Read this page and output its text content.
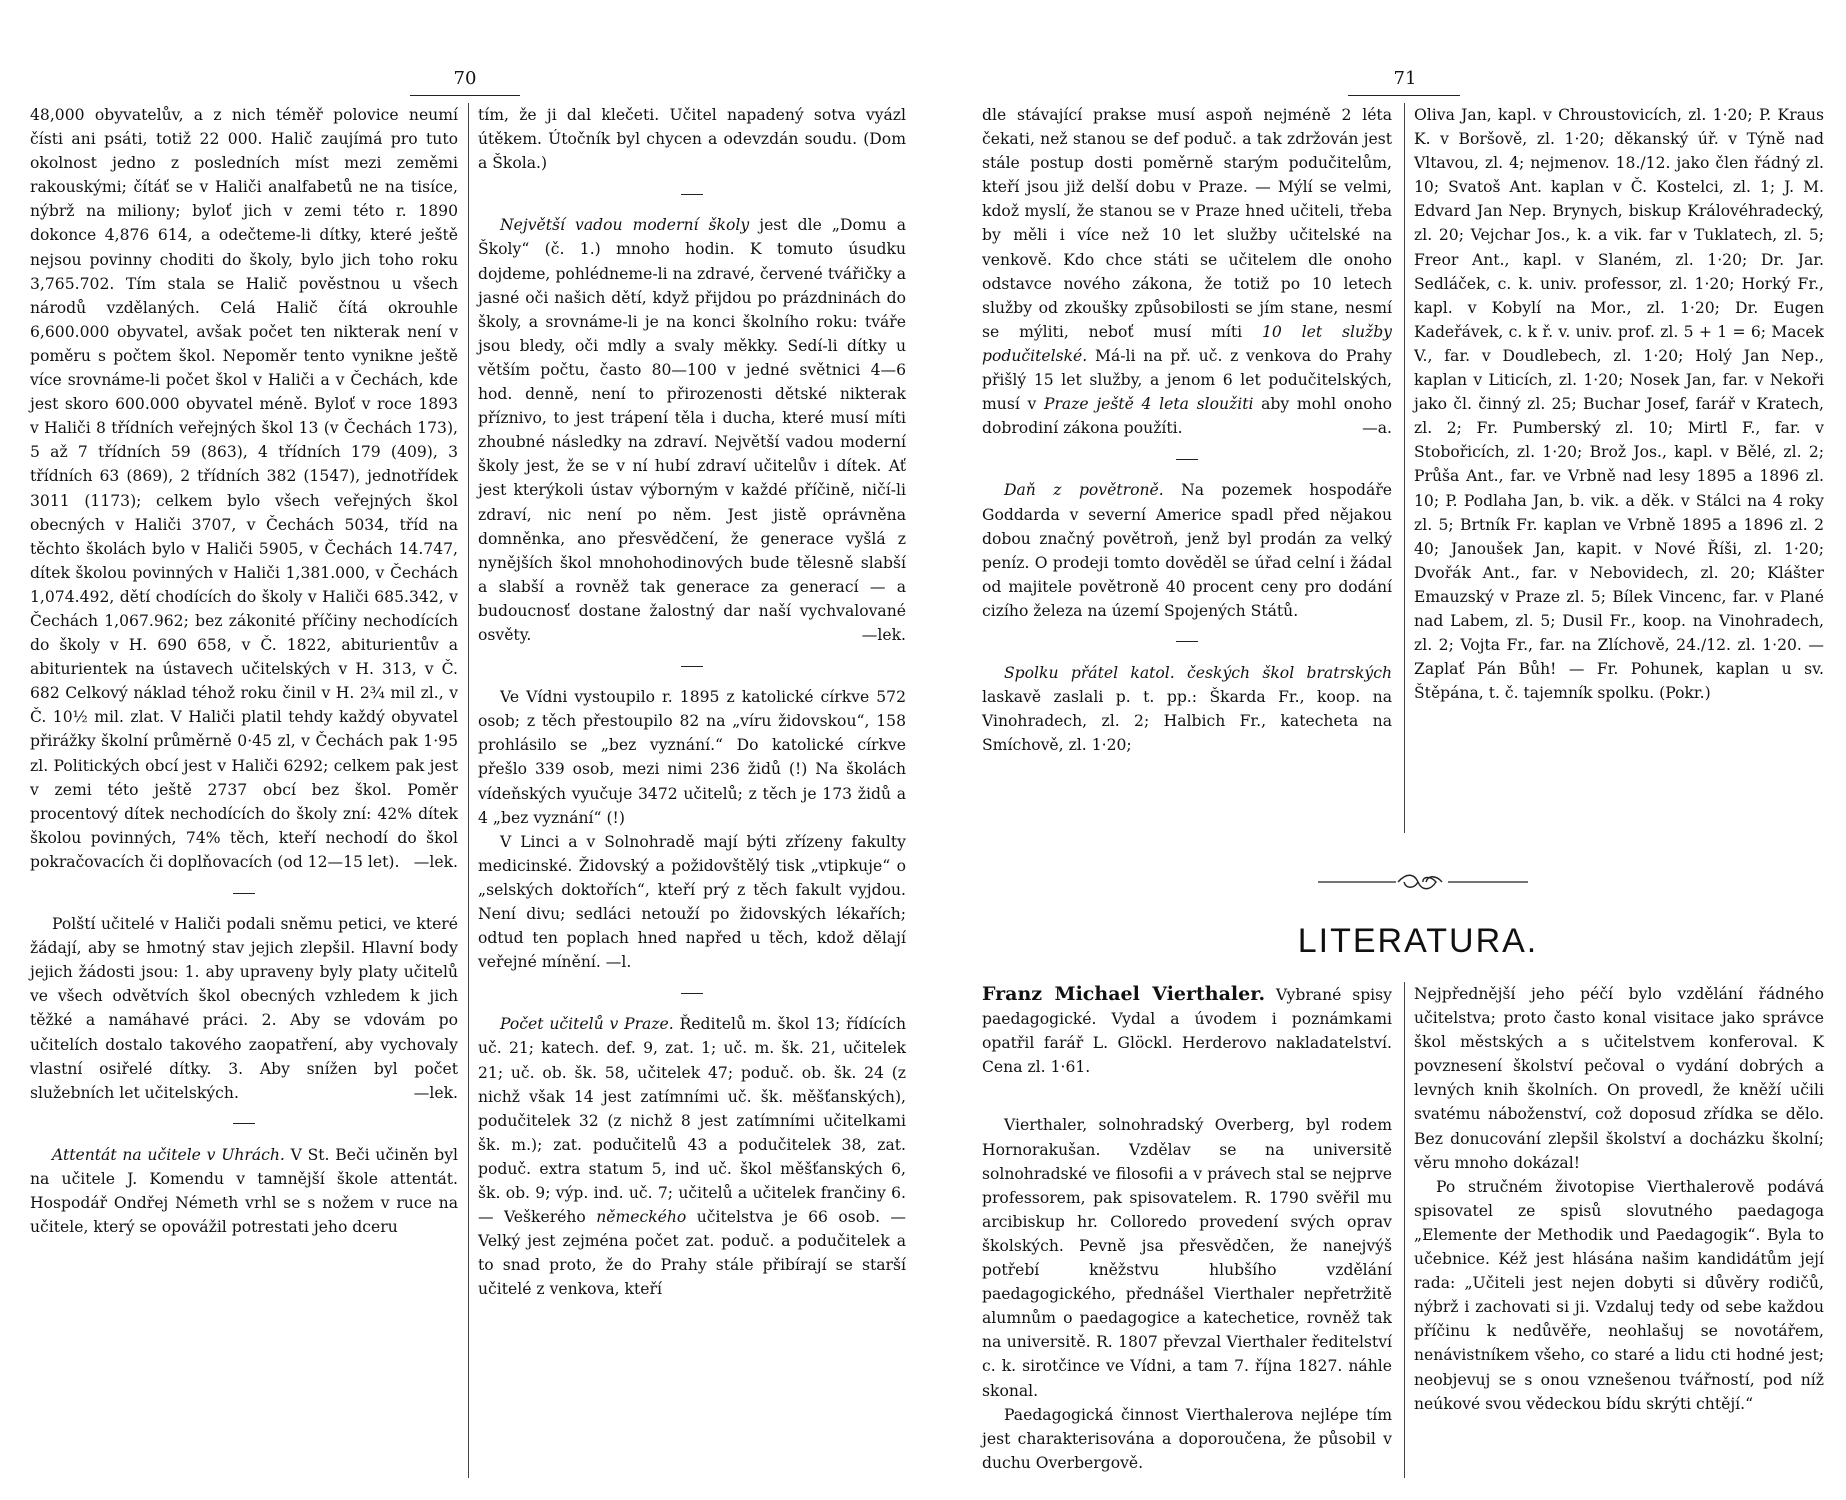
70

48,000 obyvatelův, a z nich téměř polovice neumí čísti ani psáti, totiž 22 000. Halič zaujímá pro tuto okolnost jedno z posledních míst mezi zeměmi rakouskými; čítáť se v Haliči analfabetů ne na tisíce, nýbrž na miliony; byloť jich v zemi této r. 1890 dokonce 4,876 614, a odečteme-li dítky, které ještě nejsou povinny choditi do školy, bylo jich toho roku 3,765.702. Tím stala se Halič pověstnou u všech národů vzdělaných. Celá Halič čítá okrouhle 6,600.000 obyvatel, avšak počet ten nikterak není v poměru s počtem škol. Nepoměr tento vynikne ještě více srovnáme-li počet škol v Haliči a v Čechách, kde jest skoro 600.000 obyvatel méně. Byloť v roce 1893 v Haliči 8 třídních veřejných škol 13 (v Čechách 173), 5 až 7 třídních 59 (863), 4 třídních 179 (409), 3 třídních 63 (869), 2 třídních 382 (1547), jednotřídek 3011 (1173); celkem bylo všech veřejných škol obecných v Haliči 3707, v Čechách 5034, tříd na těchto školách bylo v Haliči 5905, v Čechách 14.747, dítek školou povinných v Haliči 1,381.000, v Čechách 1,074.492, dětí chodících do školy v Haliči 685.342, v Čechách 1,067.962; bez zákonité příčiny nechodících do školy v H. 690 658, v Č. 1822, abiturientův a abiturientek na ústavech učitelských v H. 313, v Č. 682 Celkový náklad téhož roku činil v H. 2¾ mil zl., v Č. 10½ mil. zlat. V Haliči platil tehdy každý obyvatel přirážky školní průměrně 0·45 zl, v Čechách pak 1·95 zl. Politických obcí jest v Haliči 6292; celkem pak jest v zemi této ještě 2737 obcí bez škol. Poměr procentový dítek nechodících do školy zní: 42% dítek školou povinných, 74% těch, kteří nechodí do škol pokračovacích či doplňovacích (od 12—15 let). —lek.

Polští učitelé v Haliči podali sněmu petici, ve které žádají, aby se hmotný stav jejich zlepšil. Hlavní body jejich žádosti jsou: 1. aby upraveny byly platy učitelů ve všech odvětvích škol obecných vzhledem k jich těžké a namáhavé práci. 2. Aby se vdovám po učitelích dostalo takového zaopatření, aby vychovaly vlastní osiřelé dítky. 3. Aby snížen byl počet služebních let učitelských.	—lek.

Attentát na učitele v Uhrách. V St. Beči učiněn byl na učitele J. Komendu v tamnější škole attentát. Hospodář Ondřej Németh vrhl se s nožem v ruce na učitele, který se opovážil potrestati jeho dceru

tím, že ji dal klečeti. Učitel napadený sotva vyázl útěkem. Útočník byl chycen a odevzdán soudu. (Dom a Škola.)

Největší vadou moderní školy jest dle „Domu a Školy“ (č. 1.) mnoho hodin. K tomuto úsudku dojdeme, pohlédneme-li na zdravé, červené tvářičky a jasné oči našich dětí, když přijdou po prázdninách do školy, a srovnáme-li je na konci školního roku: tváře jsou bledy, oči mdly a svaly měkky. Sedí-li dítky u větším počtu, často 80—100 v jedné světnici 4—6 hod. denně, není to přirozenosti dětské nikterak příznivo, to jest trápení těla i ducha, které musí míti zhoubné následky na zdraví. Největší vadou moderní školy jest, že se v ní hubí zdraví učitelův i dítek. Ať jest kterýkoli ústav výborným v každé příčině, ničí-li zdraví, nic není po něm. Jest jistě oprávněna domněnka, ano přesvědčení, že generace vyšlá z nynějších škol mnohohodinových bude tělesně slabší a slabší a rovněž tak generace za generací — a budoucnosť dostane žalostný dar naší vychvalované osvěty.	—lek.

Ve Vídni vystoupilo r. 1895 z katolické církve 572 osob; z těch přestoupilo 82 na „víru židovskou“, 158 prohlásilo se „bez vyznání.“ Do katolické církve přešlo 339 osob, mezi nimi 236 židů (!) Na školách vídeňských vyučuje 3472 učitelů; z těch je 173 židů a 4 „bez vyznání“ (!)

V Linci a v Solnohradě mají býti zřízeny fakulty medicinské. Židovský a požidovštělý tisk „vtipkuje“ o „selských doktořích“, kteří prý z těch fakult vyjdou. Není divu; sedláci netouží po židovských lékařích; odtud ten poplach hned napřed u těch, kdož dělají veřejné mínění. —l.

Počet učitelů v Praze. Ředitelů m. škol 13; řídících uč. 21; katech. def. 9, zat. 1; uč. m. šk. 21, učitelek 21; uč. ob. šk. 58, učitelek 47; poduč. ob. šk. 24 (z nichž však 14 jest zatímními uč. šk. měšťanských), podučitelek 32 (z nichž 8 jest zatímními učitelkami šk. m.); zat. podučitelů 43 a podučitelek 38, zat. poduč. extra statum 5, ind uč. škol měšťanských 6, šk. ob. 9; výp. ind. uč. 7; učitelů a učitelek frančiny 6. — Veškerého německého učitelstva je 66 osob. — Velký jest zejména počet zat. poduč. a podučitelek a to snad proto, že do Prahy stále přibírají se starší učitelé z venkova, kteří

71

dle stávající prakse musí aspoň nejméně 2 léta čekati, než stanou se def poduč. a tak zdržován jest stále postup dosti poměrně starým podučitelům, kteří jsou již delší dobu v Praze. — Mýlí se velmi, kdož myslí, že stanou se v Praze hned učiteli, třeba by měli i více než 10 let služby učitelské na venkově. Kdo chce státi se učitelem dle onoho odstavce nového zákona, že totiž po 10 letech služby od zkoušky způsobilosti se jím stane, nesmí se mýliti, neboť musí míti 10 let služby podučitelské. Má-li na př. uč. z venkova do Prahy přišlý 15 let služby, a jenom 6 let podučitelských, musí v Praze ještě 4 leta sloužiti aby mohl onoho dobrodiní zákona použíti.	—a.

Daň z povětroně. Na pozemek hospodáře Goddarda v severní Americe spadl před nějakou dobou značný povětroň, jenž byl prodán za velký peníz. O prodeji tomto dověděl se úřad celní i žádal od majitele povětroně 40 procent ceny pro dodání cizího železa na území Spojených Států.

Spolku přátel katol. českých škol bratrských laskavě zaslali p. t. pp.: Škarda Fr., koop. na Vinohradech, zl. 2; Halbich Fr., katecheta na Smíchově, zl. 1·20;

Oliva Jan, kapl. v Chroustovicích, zl. 1·20; P. Kraus K. v Boršově, zl. 1·20; děkanský úř. v Týně nad Vltavou, zl. 4; nejmenov. 18./12. jako člen řádný zl. 10; Svatoš Ant. kaplan v Č. Kostelci, zl. 1; J. M. Edvard Jan Nep. Brynych, biskup Královéhradecký, zl. 20; Vejchar Jos., k. a vik. far v Tuklatech, zl. 5; Freor Ant., kapl. v Slaném, zl. 1·20; Dr. Jar. Sedláček, c. k. univ. professor, zl. 1·20; Horký Fr., kapl. v Kobylí na Mor., zl. 1·20; Dr. Eugen Kadeřávek, c. k ř. v. univ. prof. zl. 5 + 1 = 6; Macek V., far. v Doudlebech, zl. 1·20; Holý Jan Nep., kaplan v Liticích, zl. 1·20; Nosek Jan, far. v Nekoři jako čl. činný zl. 25; Buchar Josef, farář v Kratech, zl. 2; Fr. Pumberský zl. 10; Mirtl F., far. v Stobořicích, zl. 1·20; Brož Jos., kapl. v Bělé, zl. 2; Průša Ant., far. ve Vrbně nad lesy 1895 a 1896 zl. 10; P. Podlaha Jan, b. vik. a děk. v Stálci na 4 roky zl. 5; Brtník Fr. kaplan ve Vrbně 1895 a 1896 zl. 2 40; Janoušek Jan, kapit. v Nové Říši, zl. 1·20; Dvořák Ant., far. v Nebovidech, zl. 20; Klášter Emauzský v Praze zl. 5; Bílek Vincenc, far. v Plané nad Labem, zl. 5; Dusil Fr., koop. na Vinohradech, zl. 2; Vojta Fr., far. na Zlíchově, 24./12. zl. 1·20. — Zaplať Pán Bůh! — Fr. Pohunek, kaplan u sv. Štěpána, t. č. tajemník spolku. (Pokr.)

LITERATURA.

Franz Michael Vierthaler. Vybrané spisy paedagogické. Vydal a úvodem i poznámkami opatřil farář L. Glöckl. Herderovo nakladatelství. Cena zl. 1·61.

Vierthaler, solnohradský Overberg, byl rodem Hornorakušan. Vzdělav se na universitě solnohradské ve filosofii a v právech stal se nejprve professorem, pak spisovatelem. R. 1790 svěřil mu arcibiskup hr. Colloredo provedení svých oprav školských. Pevně jsa přesvědčen, že nanejvýš potřebí kněžstvu hlubšího vzdělání paedagogického, přednášel Vierthaler nepřetržitě alumnům o paedagogice a katechetice, rovněž tak na universitě. R. 1807 převzal Vierthaler ředitelství c. k. sirotčince ve Vídni, a tam 7. října 1827. náhle skonal.

Paedagogická činnost Vierthalerova nejlépe tím jest charakterisována a doporoučena, že působil v duchu Overbergově.

Nejpřednější jeho péčí bylo vzdělání řádného učitelstva; proto často konal visitace jako správce škol městských a s učitelstvem konferoval. K povznesení školství pečoval o vydání dobrých a levných knih školních. On provedl, že kněží učili svatému náboženství, což doposud zřídka se dělo. Bez donucování zlepšil školství a docházku školní; věru mnoho dokázal!

Po stručném životopise Vierthalerově podává spisovatel ze spisů slovutného paedagoga „Elemente der Methodik und Paedagogik“. Byla to učebnice. Kéž jest hlásána našim kandidátům její rada: „Učiteli jest nejen dobyti si důvěry rodičů, nýbrž i zachovati si ji. Vzdaluj tedy od sebe každou příčinu k nedůvěře, neohlašuj se novotářem, nenávistníkem všeho, co staré a lidu cti hodné jest; neobjevuj se s onou vznešenou tvářností, pod níž neúkové svou vědeckou bídu skrýti chtějí.“
